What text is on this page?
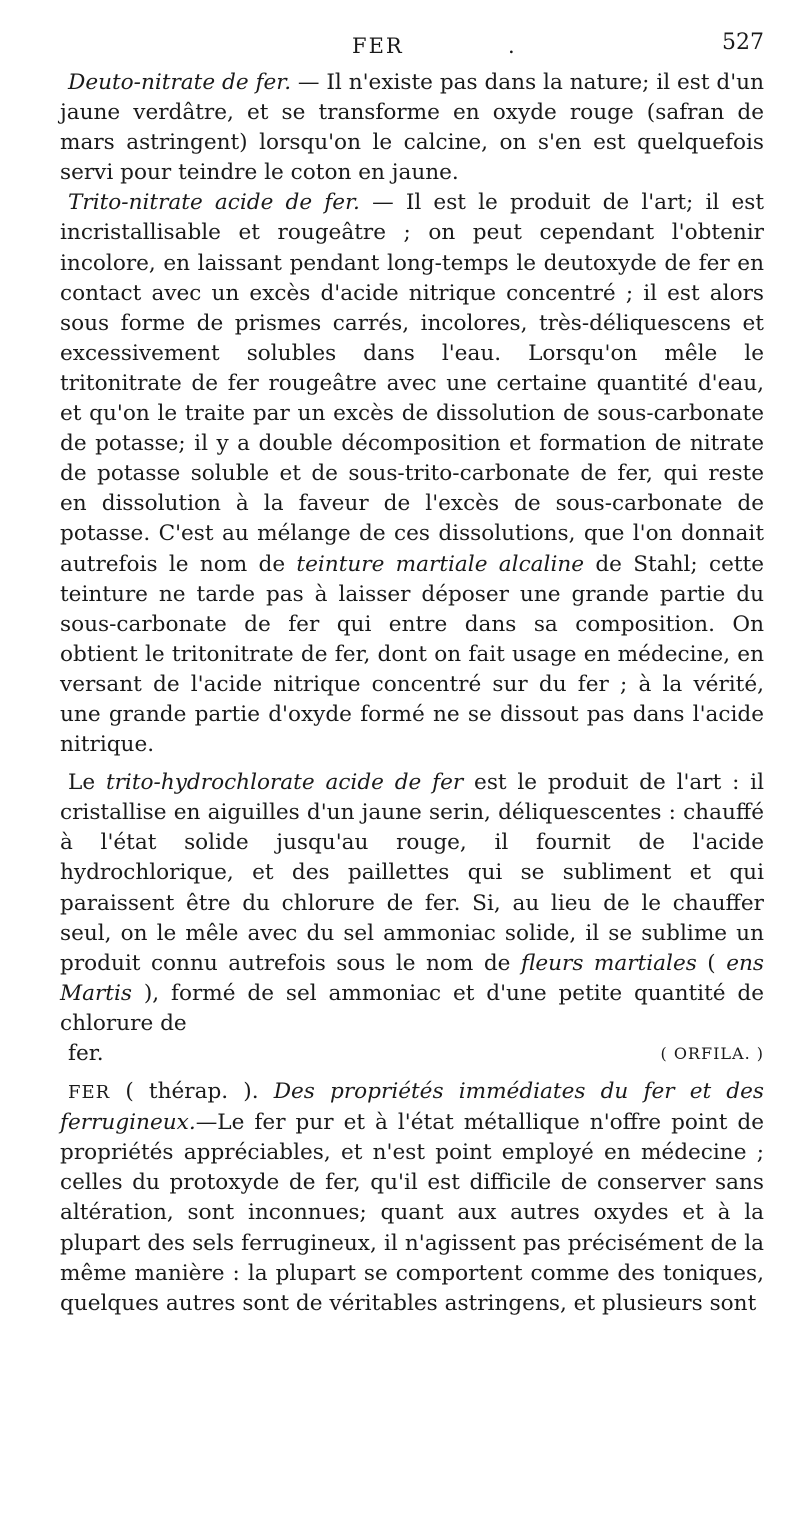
FER	.	527

Deuto-nitrate de fer. — Il n'existe pas dans la nature; il est d'un jaune verdâtre, et se transforme en oxyde rouge (safran de mars astringent) lorsqu'on le calcine, on s'en est quelquefois servi pour teindre le coton en jaune.

Trito-nitrate acide de fer. — Il est le produit de l'art; il est incristallisable et rougeâtre ; on peut cependant l'obtenir incolore, en laissant pendant long-temps le deutoxyde de fer en contact avec un excès d'acide nitrique concentré ; il est alors sous forme de prismes carrés, incolores, très-déliquescens et excessivement solubles dans l'eau. Lorsqu'on mêle le tritonitrate de fer rougeâtre avec une certaine quantité d'eau, et qu'on le traite par un excès de dissolution de sous-carbonate de potasse; il y a double décomposition et formation de nitrate de potasse soluble et de sous-trito-carbonate de fer, qui reste en dissolution à la faveur de l'excès de sous-carbonate de potasse. C'est au mélange de ces dissolutions, que l'on donnait autrefois le nom de teinture martiale alcaline de Stahl; cette teinture ne tarde pas à laisser déposer une grande partie du sous-carbonate de fer qui entre dans sa composition. On obtient le tritonitrate de fer, dont on fait usage en médecine, en versant de l'acide nitrique concentré sur du fer ; à la vérité, une grande partie d'oxyde formé ne se dissout pas dans l'acide nitrique.

Le trito-hydrochlorate acide de fer est le produit de l'art : il cristallise en aiguilles d'un jaune serin, déliquescentes : chauffé à l'état solide jusqu'au rouge, il fournit de l'acide hydrochlorique, et des paillettes qui se subliment et qui paraissent être du chlorure de fer. Si, au lieu de le chauffer seul, on le mêle avec du sel ammoniac solide, il se sublime un produit connu autrefois sous le nom de fleurs martiales ( ens Martis ), formé de sel ammoniac et d'une petite quantité de chlorure de

fer.	( ORFILA. )

FER ( thérap. ). Des propriétés immédiates du fer et des ferrugineux.—Le fer pur et à l'état métallique n'offre point de propriétés appréciables, et n'est point employé en médecine ; celles du protoxyde de fer, qu'il est difficile de conserver sans altération, sont inconnues; quant aux autres oxydes et à la plupart des sels ferrugineux, il n'agissent pas précisément de la même manière : la plupart se comportent comme des toniques, quelques autres sont de véritables astringens, et plusieurs sont
